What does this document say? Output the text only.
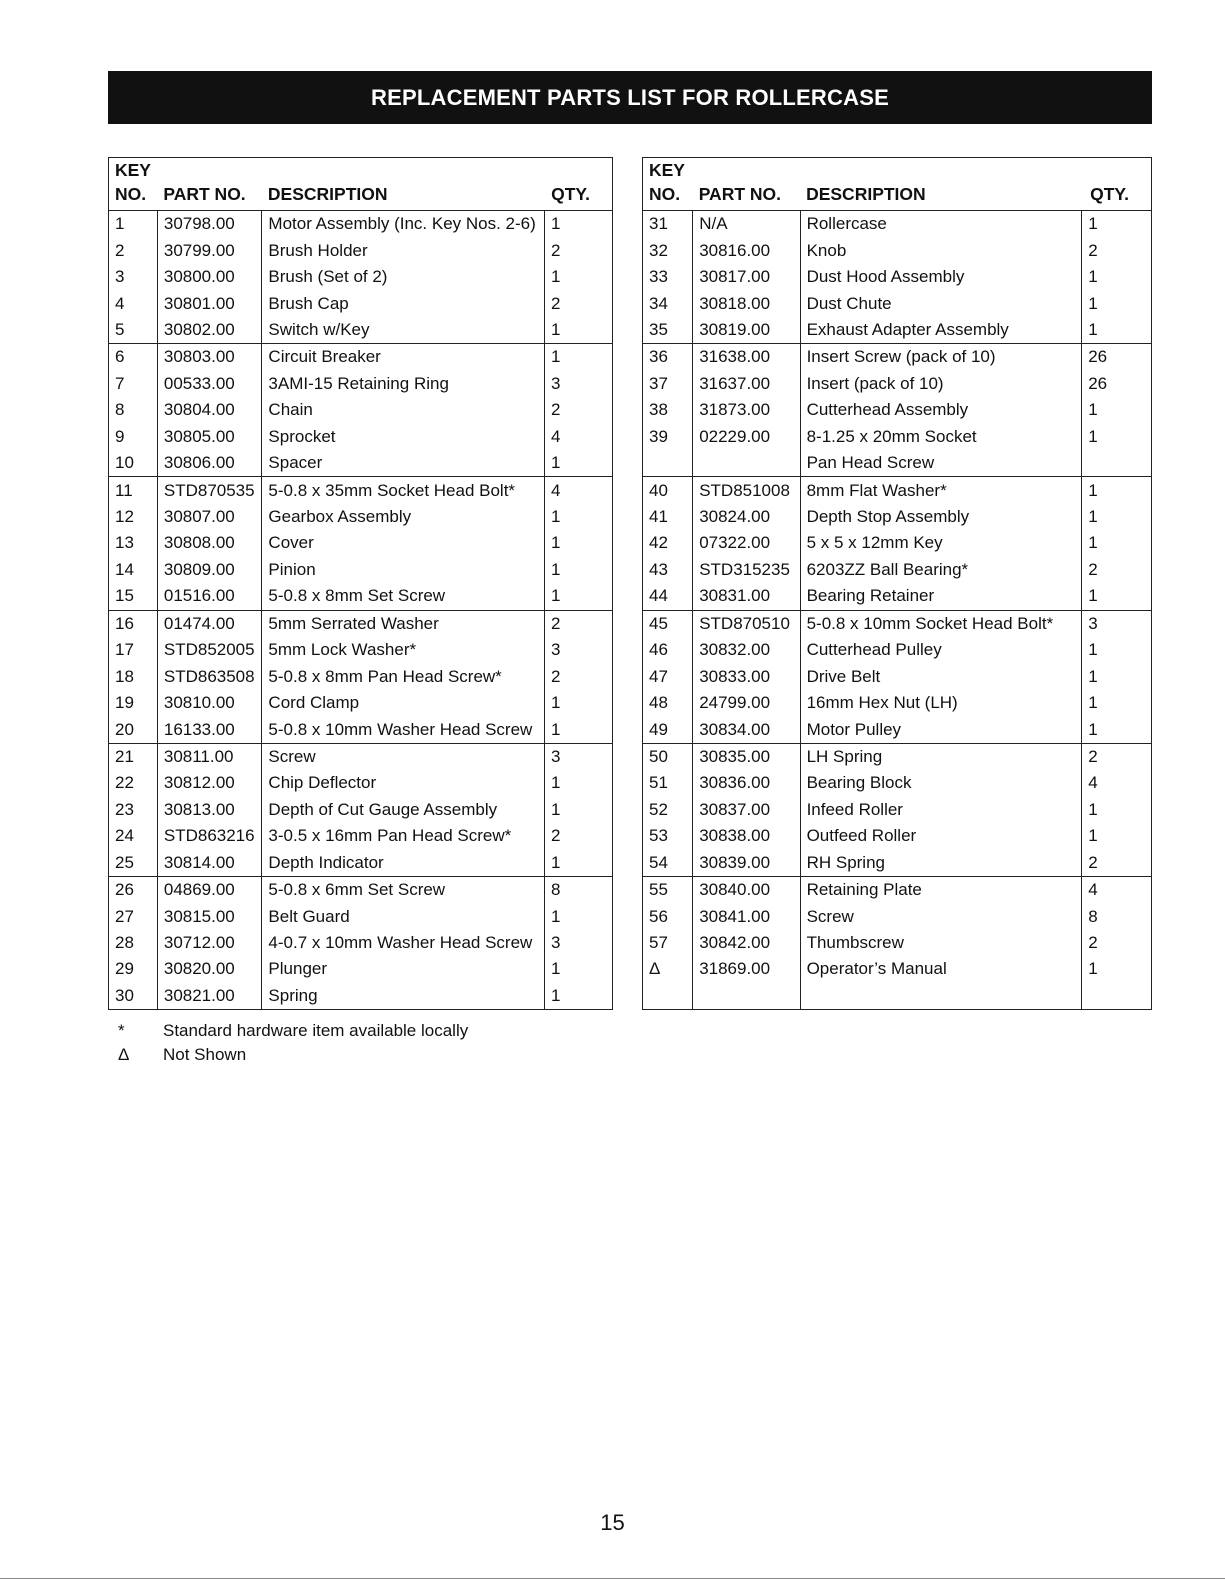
REPLACEMENT PARTS LIST FOR ROLLERCASE
KEY
NO.	PART NO.	DESCRIPTION	QTY.
1	30798.00	Motor Assembly (Inc. Key Nos. 2-6)	1
2	30799.00	Brush Holder	2
3	30800.00	Brush (Set of 2)	1
4	30801.00	Brush Cap	2
5	30802.00	Switch w/Key	1
6	30803.00	Circuit Breaker	1
7	00533.00	3AMI-15 Retaining Ring	3
8	30804.00	Chain	2
9	30805.00	Sprocket	4
10	30806.00	Spacer	1
11	STD870535	5-0.8 x 35mm Socket Head Bolt*	4
12	30807.00	Gearbox Assembly	1
13	30808.00	Cover	1
14	30809.00	Pinion	1
15	01516.00	5-0.8 x 8mm Set Screw	1
16	01474.00	5mm Serrated Washer	2
17	STD852005	5mm Lock Washer*	3
18	STD863508	5-0.8 x 8mm Pan Head Screw*	2
19	30810.00	Cord Clamp	1
20	16133.00	5-0.8 x 10mm Washer Head Screw	1
21	30811.00	Screw	3
22	30812.00	Chip Deflector	1
23	30813.00	Depth of Cut Gauge Assembly	1
24	STD863216	3-0.5 x 16mm Pan Head Screw*	2
25	30814.00	Depth Indicator	1
26	04869.00	5-0.8 x 6mm Set Screw	8
27	30815.00	Belt Guard	1
28	30712.00	4-0.7 x 10mm Washer Head Screw	3
29	30820.00	Plunger	1
30	30821.00	Spring	1
KEY
NO.	PART NO.	DESCRIPTION	QTY.
31	N/A	Rollercase	1
32	30816.00	Knob	2
33	30817.00	Dust Hood Assembly	1
34	30818.00	Dust Chute	1
35	30819.00	Exhaust Adapter Assembly	1
36	31638.00	Insert Screw (pack of 10)	26
37	31637.00	Insert (pack of 10)	26
38	31873.00	Cutterhead Assembly	1
39	02229.00	8-1.25 x 20mm Socket	1
		Pan Head Screw	
40	STD851008	8mm Flat Washer*	1
41	30824.00	Depth Stop Assembly	1
42	07322.00	5 x 5 x 12mm Key	1
43	STD315235	6203ZZ Ball Bearing*	2
44	30831.00	Bearing Retainer	1
45	STD870510	5-0.8 x 10mm Socket Head Bolt*	3
46	30832.00	Cutterhead Pulley	1
47	30833.00	Drive Belt	1
48	24799.00	16mm Hex Nut (LH)	1
49	30834.00	Motor Pulley	1
50	30835.00	LH Spring	2
51	30836.00	Bearing Block	4
52	30837.00	Infeed Roller	1
53	30838.00	Outfeed Roller	1
54	30839.00	RH Spring	2
55	30840.00	Retaining Plate	4
56	30841.00	Screw	8
57	30842.00	Thumbscrew	2
Δ	31869.00	Operator’s Manual	1

*	Standard hardware item available locally
Δ	Not Shown
15
